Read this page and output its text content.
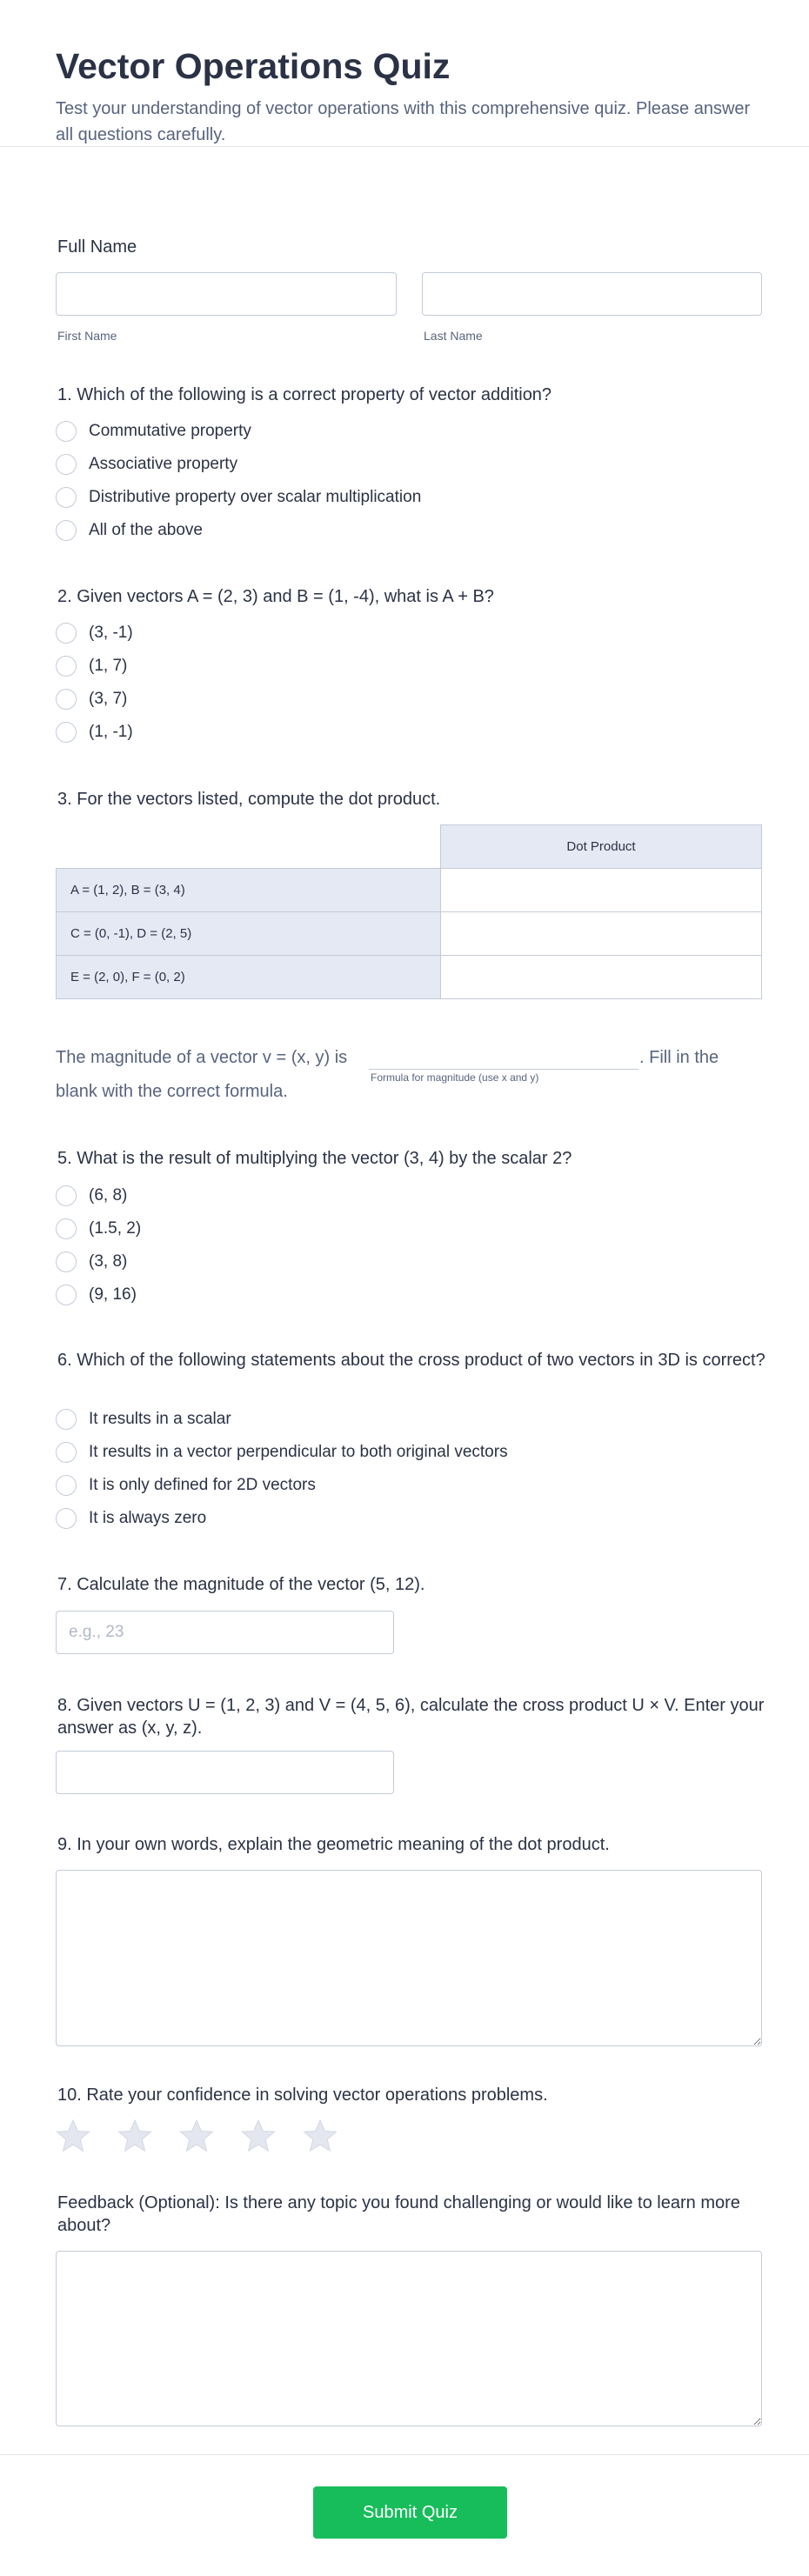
Vector Operations Quiz
Test your understanding of vector operations with this comprehensive quiz. Please answer all questions carefully.
Full Name
First Name	Last Name
1. Which of the following is a correct property of vector addition?
Commutative property
Associative property
Distributive property over scalar multiplication
All of the above
2. Given vectors A = (2, 3) and B = (1, -4), what is A + B?
(3, -1)
(1, 7)
(3, 7)
(1, -1)
3. For the vectors listed, compute the dot product.
	Dot Product
A = (1, 2), B = (3, 4)	
C = (0, -1), D = (2, 5)	
E = (2, 0), F = (0, 2)	
The magnitude of a vector v = (x, y) is
Formula for magnitude (use x and y)
. Fill in the
blank with the correct formula.
5. What is the result of multiplying the vector (3, 4) by the scalar 2?
(6, 8)
(1.5, 2)
(3, 8)
(9, 16)
6. Which of the following statements about the cross product of two vectors in 3D is correct?
It results in a scalar
It results in a vector perpendicular to both original vectors
It is only defined for 2D vectors
It is always zero
7. Calculate the magnitude of the vector (5, 12).
e.g., 23
8. Given vectors U = (1, 2, 3) and V = (4, 5, 6), calculate the cross product U × V. Enter your answer as (x, y, z).
9. In your own words, explain the geometric meaning of the dot product.
10. Rate your confidence in solving vector operations problems.
Feedback (Optional): Is there any topic you found challenging or would like to learn more about?
Submit Quiz
